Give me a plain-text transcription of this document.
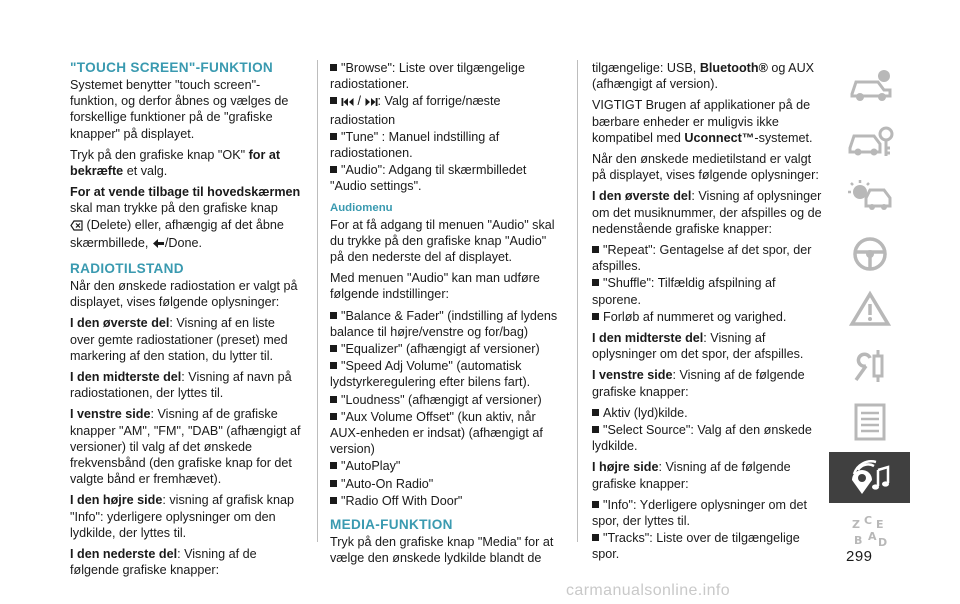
"TOUCH SCREEN"-FUNKTION

Systemet benytter "touch screen"-funktion, og derfor åbnes og vælges de forskellige funktioner på de "grafiske knapper" på displayet.

Tryk på den grafiske knap "OK" for at bekræfte et valg.

For at vende tilbage til hovedskærmen skal man trykke på den grafiske knap
(Delete) eller, afhængig af det åbne skærmbillede, /Done.

RADIOTILSTAND

Når den ønskede radiostation er valgt på displayet, vises følgende oplysninger:

I den øverste del: Visning af en liste over gemte radiostationer (preset) med markering af den station, du lytter til.

I den midterste del: Visning af navn på radiostationen, der lyttes til.

I venstre side: Visning af de grafiske knapper "AM", "FM", "DAB" (afhængigt af versioner) til valg af det ønskede frekvensbånd (den grafiske knap for det valgte bånd er fremhævet).

I den højre side: visning af grafisk knap "Info": yderligere oplysninger om den lydkilde, der lyttes til.

I den nederste del: Visning af de følgende grafiske knapper:

"Browse": Liste over tilgængelige radiostationer.
/ : Valg af forrige/næste radiostation
"Tune" : Manuel indstilling af radiostationen.
"Audio": Adgang til skærmbilledet "Audio settings".
Audiomenu

For at få adgang til menuen "Audio" skal du trykke på den grafiske knap "Audio" på den nederste del af displayet.

Med menuen "Audio" kan man udføre følgende indstillinger:

"Balance & Fader" (indstilling af lydens balance til højre/venstre og for/bag)
"Equalizer" (afhængigt af versioner)
"Speed Adj Volume" (automatisk lydstyrkeregulering efter bilens fart).
"Loudness" (afhængigt af versioner)
"Aux Volume Offset" (kun aktiv, når AUX-enheden er indsat) (afhængigt af version)
"AutoPlay"
"Auto-On Radio"
"Radio Off With Door"
MEDIA-FUNKTION

Tryk på den grafiske knap "Media" for at vælge den ønskede lydkilde blandt de

tilgængelige: USB, Bluetooth® og AUX (afhængigt af version).

VIGTIGT Brugen af applikationer på de bærbare enheder er muligvis ikke kompatibel med Uconnect™-systemet.

Når den ønskede medietilstand er valgt på displayet, vises følgende oplysninger:

I den øverste del: Visning af oplysninger om det musiknummer, der afspilles og de nedenstående grafiske knapper:

"Repeat": Gentagelse af det spor, der afspilles.
"Shuffle": Tilfældig afspilning af sporene.
Forløb af nummeret og varighed.

I den midterste del: Visning af oplysninger om det spor, der afspilles.

I venstre side: Visning af de følgende grafiske knapper:

Aktiv (lyd)kilde.
"Select Source": Valg af den ønskede lydkilde.

I højre side: Visning af de følgende grafiske knapper:

"Info": Yderligere oplysninger om det spor, der lyttes til.
"Tracks": Liste over de tilgængelige spor.
Z C E
B A D
299
carmanualsonline.info
